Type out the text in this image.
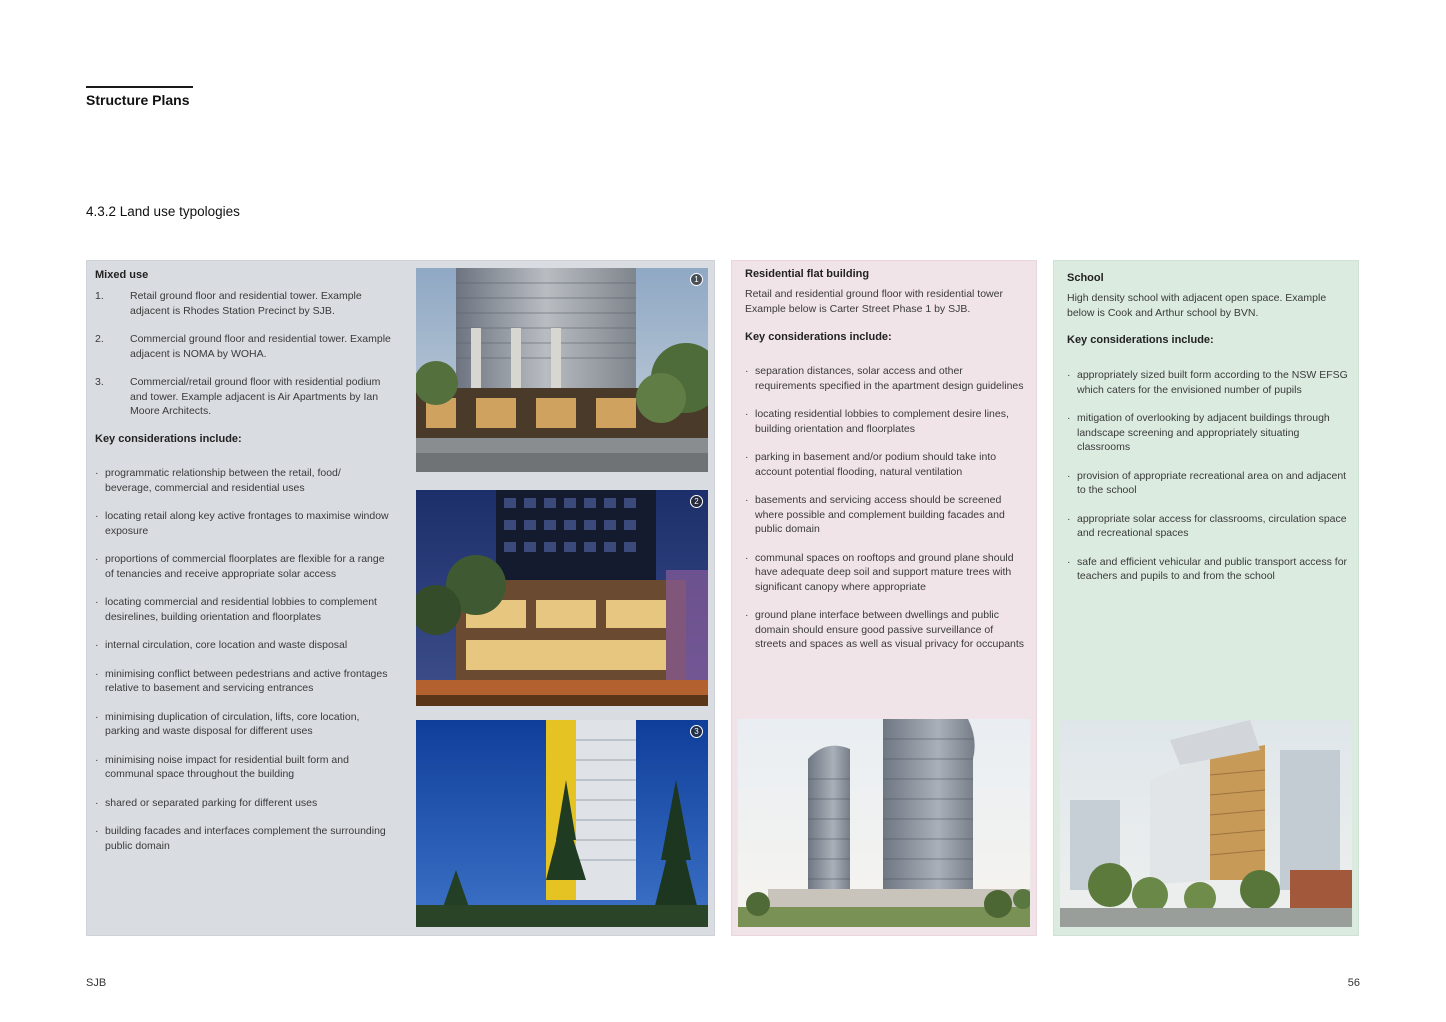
Structure Plans
4.3.2 Land use typologies
Mixed use
1. Retail ground floor and residential tower. Example adjacent is Rhodes Station Precinct by SJB.
2. Commercial ground floor and residential tower. Example adjacent is NOMA by WOHA.
3. Commercial/retail ground floor with residential podium and tower. Example adjacent is Air Apartments by Ian Moore Architects.
Key considerations include:
· programmatic relationship between the retail, food/ beverage, commercial and residential uses
· locating retail along key active frontages to maximise window exposure
· proportions of commercial floorplates are flexible for a range of tenancies and receive appropriate solar access
· locating commercial and residential lobbies to complement desirelines, building orientation and floorplates
· internal circulation, core location and waste disposal
· minimising conflict between pedestrians and active frontages relative to basement and servicing entrances
· minimising duplication of circulation, lifts, core location, parking and waste disposal for different uses
· minimising noise impact for residential built form and communal space throughout the building
· shared or separated parking for different uses
· building facades and interfaces complement the surrounding public domain
1
2
3
Residential flat building
Retail and residential ground floor with residential tower Example below is Carter Street Phase 1 by SJB.
Key considerations include:
· separation distances, solar access and other requirements specified in the apartment design guidelines
· locating residential lobbies to complement desire lines, building orientation and floorplates
· parking in basement and/or podium should take into account potential flooding, natural ventilation
· basements and servicing access should be screened where possible and complement building facades and public domain
· communal spaces on rooftops and ground plane should have adequate deep soil and support mature trees with significant canopy where appropriate
· ground plane interface between dwellings and public domain should ensure good passive surveillance of streets and spaces as well as visual privacy for occupants
School
High density school with adjacent open space. Example below is Cook and Arthur school by BVN.
Key considerations include:
· appropriately sized built form according to the NSW EFSG which caters for the envisioned number of pupils
· mitigation of overlooking by adjacent buildings through landscape screening and appropriately situating classrooms
· provision of appropriate recreational area on and adjacent to the school
· appropriate solar access for classrooms, circulation space and recreational spaces
· safe and efficient vehicular and public transport access for teachers and pupils to and from the school
SJB	56
